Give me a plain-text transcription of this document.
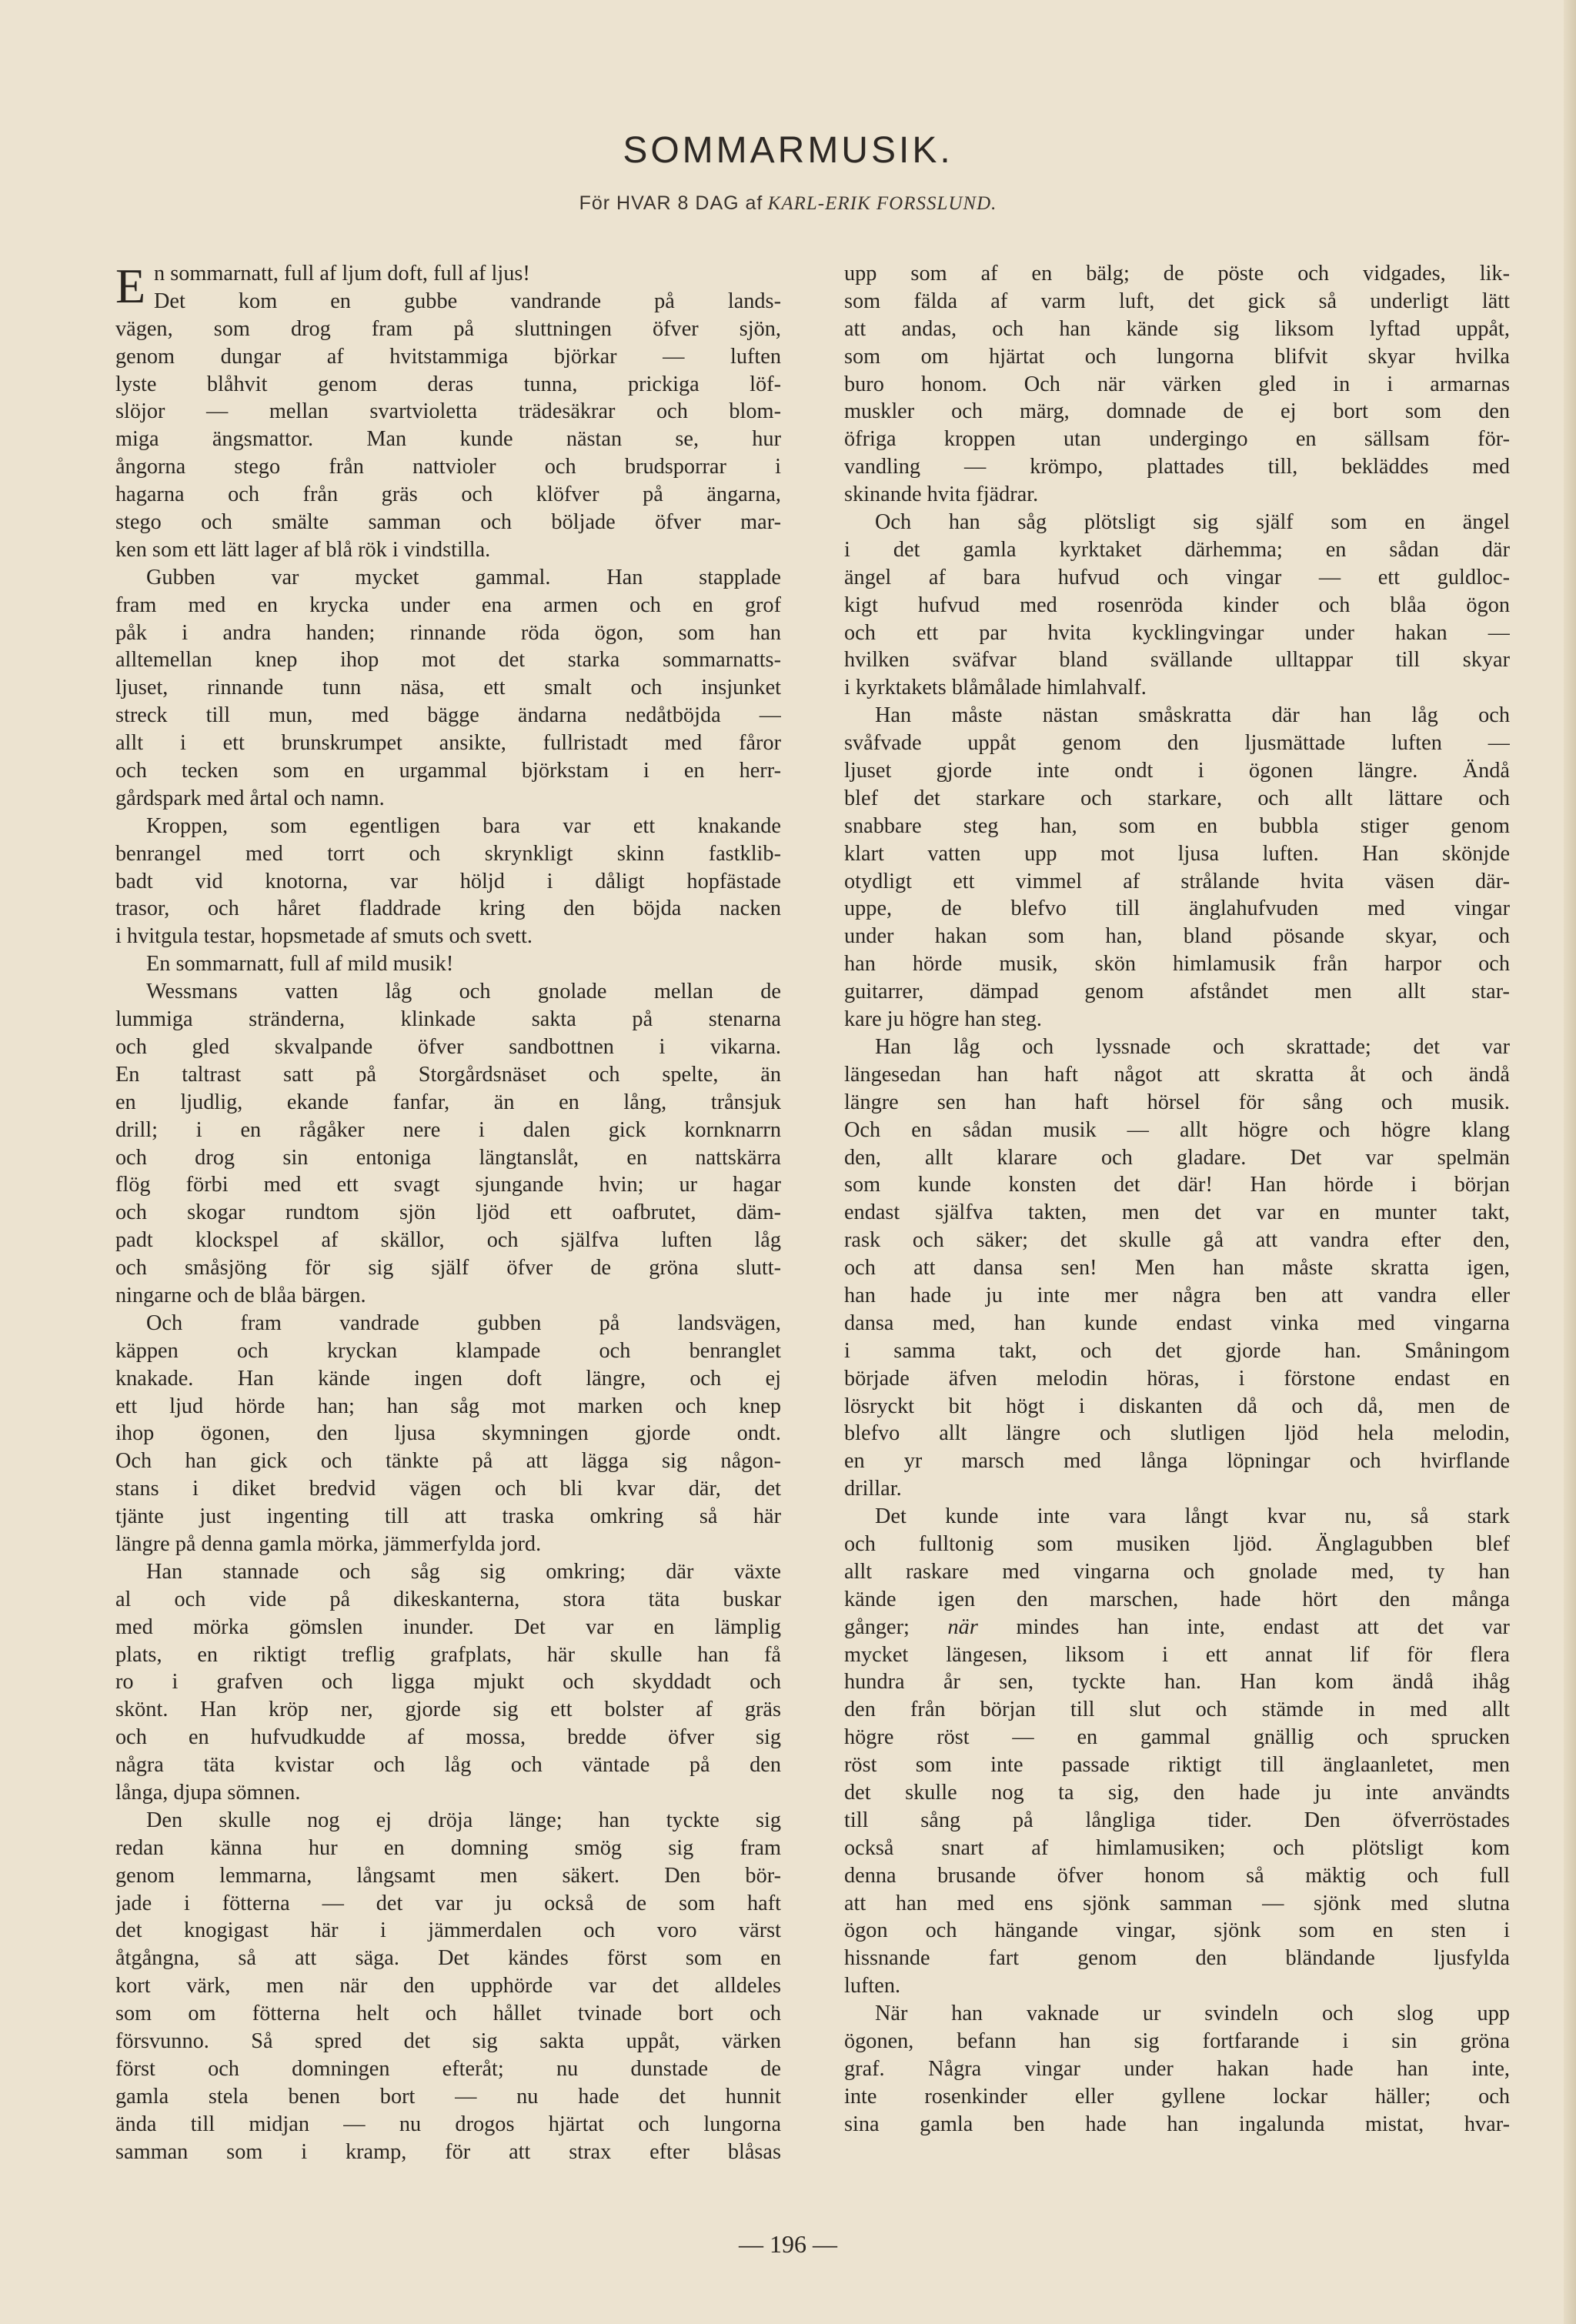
SOMMARMUSIK.
För HVAR 8 DAG af KARL-ERIK FORSSLUND.
E n sommarnatt, full af ljum doft, full af ljus!
Det kom en gubbe vandrande på lands-
vägen, som drog fram på sluttningen öfver sjön,
genom dungar af hvitstammiga björkar — luften
lyste blåhvit genom deras tunna, prickiga löf-
slöjor — mellan svartvioletta trädesäkrar och blom-
miga ängsmattor. Man kunde nästan se, hur
ångorna stego från nattvioler och brudsporrar i
hagarna och från gräs och klöfver på ängarna,
stego och smälte samman och böljade öfver mar-
ken som ett lätt lager af blå rök i vindstilla.
Gubben var mycket gammal. Han stapplade
fram med en krycka under ena armen och en grof
påk i andra handen; rinnande röda ögon, som han
alltemellan knep ihop mot det starka sommarnatts-
ljuset, rinnande tunn näsa, ett smalt och insjunket
streck till mun, med bägge ändarna nedåtböjda —
allt i ett brunskrumpet ansikte, fullristadt med fåror
och tecken som en urgammal björkstam i en herr-
gårdspark med årtal och namn.
Kroppen, som egentligen bara var ett knakande
benrangel med torrt och skrynkligt skinn fastklib-
badt vid knotorna, var höljd i dåligt hopfästade
trasor, och håret fladdrade kring den böjda nacken
i hvitgula testar, hopsmetade af smuts och svett.
En sommarnatt, full af mild musik!
Wessmans vatten låg och gnolade mellan de
lummiga stränderna, klinkade sakta på stenarna
och gled skvalpande öfver sandbottnen i vikarna.
En taltrast satt på Storgårdsnäset och spelte, än
en ljudlig, ekande fanfar, än en lång, trånsjuk
drill; i en rågåker nere i dalen gick kornknarrn
och drog sin entoniga längtanslåt, en nattskärra
flög förbi med ett svagt sjungande hvin; ur hagar
och skogar rundtom sjön ljöd ett oafbrutet, däm-
padt klockspel af skällor, och själfva luften låg
och småsjöng för sig själf öfver de gröna slutt-
ningarne och de blåa bärgen.
Och fram vandrade gubben på landsvägen,
käppen och kryckan klampade och benranglet
knakade. Han kände ingen doft längre, och ej
ett ljud hörde han; han såg mot marken och knep
ihop ögonen, den ljusa skymningen gjorde ondt.
Och han gick och tänkte på att lägga sig någon-
stans i diket bredvid vägen och bli kvar där, det
tjänte just ingenting till att traska omkring så här
längre på denna gamla mörka, jämmerfylda jord.
Han stannade och såg sig omkring; där växte
al och vide på dikeskanterna, stora täta buskar
med mörka gömslen inunder. Det var en lämplig
plats, en riktigt treflig grafplats, här skulle han få
ro i grafven och ligga mjukt och skyddadt och
skönt. Han kröp ner, gjorde sig ett bolster af gräs
och en hufvudkudde af mossa, bredde öfver sig
några täta kvistar och låg och väntade på den
långa, djupa sömnen.
Den skulle nog ej dröja länge; han tyckte sig
redan känna hur en domning smög sig fram
genom lemmarna, långsamt men säkert. Den bör-
jade i fötterna — det var ju också de som haft
det knogigast här i jämmerdalen och voro värst
åtgångna, så att säga. Det kändes först som en
kort värk, men när den upphörde var det alldeles
som om fötterna helt och hållet tvinade bort och
försvunno. Så spred det sig sakta uppåt, värken
först och domningen efteråt; nu dunstade de
gamla stela benen bort — nu hade det hunnit
ända till midjan — nu drogos hjärtat och lungorna
samman som i kramp, för att strax efter blåsas
upp som af en bälg; de pöste och vidgades, lik-
som fälda af varm luft, det gick så underligt lätt
att andas, och han kände sig liksom lyftad uppåt,
som om hjärtat och lungorna blifvit skyar hvilka
buro honom. Och när värken gled in i armarnas
muskler och märg, domnade de ej bort som den
öfriga kroppen utan undergingo en sällsam för-
vandling — krömpo, plattades till, bekläddes med
skinande hvita fjädrar.
Och han såg plötsligt sig själf som en ängel
i det gamla kyrktaket därhemma; en sådan där
ängel af bara hufvud och vingar — ett guldloc-
kigt hufvud med rosenröda kinder och blåa ögon
och ett par hvita kycklingvingar under hakan —
hvilken sväfvar bland svällande ulltappar till skyar
i kyrktakets blåmålade himlahvalf.
Han måste nästan småskratta där han låg och
svåfvade uppåt genom den ljusmättade luften —
ljuset gjorde inte ondt i ögonen längre. Ändå
blef det starkare och starkare, och allt lättare och
snabbare steg han, som en bubbla stiger genom
klart vatten upp mot ljusa luften. Han skönjde
otydligt ett vimmel af strålande hvita väsen där-
uppe, de blefvo till änglahufvuden med vingar
under hakan som han, bland pösande skyar, och
han hörde musik, skön himlamusik från harpor och
guitarrer, dämpad genom afståndet men allt star-
kare ju högre han steg.
Han låg och lyssnade och skrattade; det var
längesedan han haft något att skratta åt och ändå
längre sen han haft hörsel för sång och musik.
Och en sådan musik — allt högre och högre klang
den, allt klarare och gladare. Det var spelmän
som kunde konsten det där! Han hörde i början
endast själfva takten, men det var en munter takt,
rask och säker; det skulle gå att vandra efter den,
och att dansa sen! Men han måste skratta igen,
han hade ju inte mer några ben att vandra eller
dansa med, han kunde endast vinka med vingarna
i samma takt, och det gjorde han. Småningom
började äfven melodin höras, i förstone endast en
lösryckt bit högt i diskanten då och då, men de
blefvo allt längre och slutligen ljöd hela melodin,
en yr marsch med långa löpningar och hvirflande
drillar.
Det kunde inte vara långt kvar nu, så stark
och fulltonig som musiken ljöd. Änglagubben blef
allt raskare med vingarna och gnolade med, ty han
kände igen den marschen, hade hört den många
gånger; när mindes han inte, endast att det var
mycket längesen, liksom i ett annat lif för flera
hundra år sen, tyckte han. Han kom ändå ihåg
den från början till slut och stämde in med allt
högre röst — en gammal gnällig och sprucken
röst som inte passade riktigt till änglaanletet, men
det skulle nog ta sig, den hade ju inte användts
till sång på långliga tider. Den öfverröstades
också snart af himlamusiken; och plötsligt kom
denna brusande öfver honom så mäktig och full
att han med ens sjönk samman — sjönk med slutna
ögon och hängande vingar, sjönk som en sten i
hissnande fart genom den bländande ljusfylda
luften.
När han vaknade ur svindeln och slog upp
ögonen, befann han sig fortfarande i sin gröna
graf. Några vingar under hakan hade han inte,
inte rosenkinder eller gyllene lockar häller; och
sina gamla ben hade han ingalunda mistat, hvar-
— 196 —
